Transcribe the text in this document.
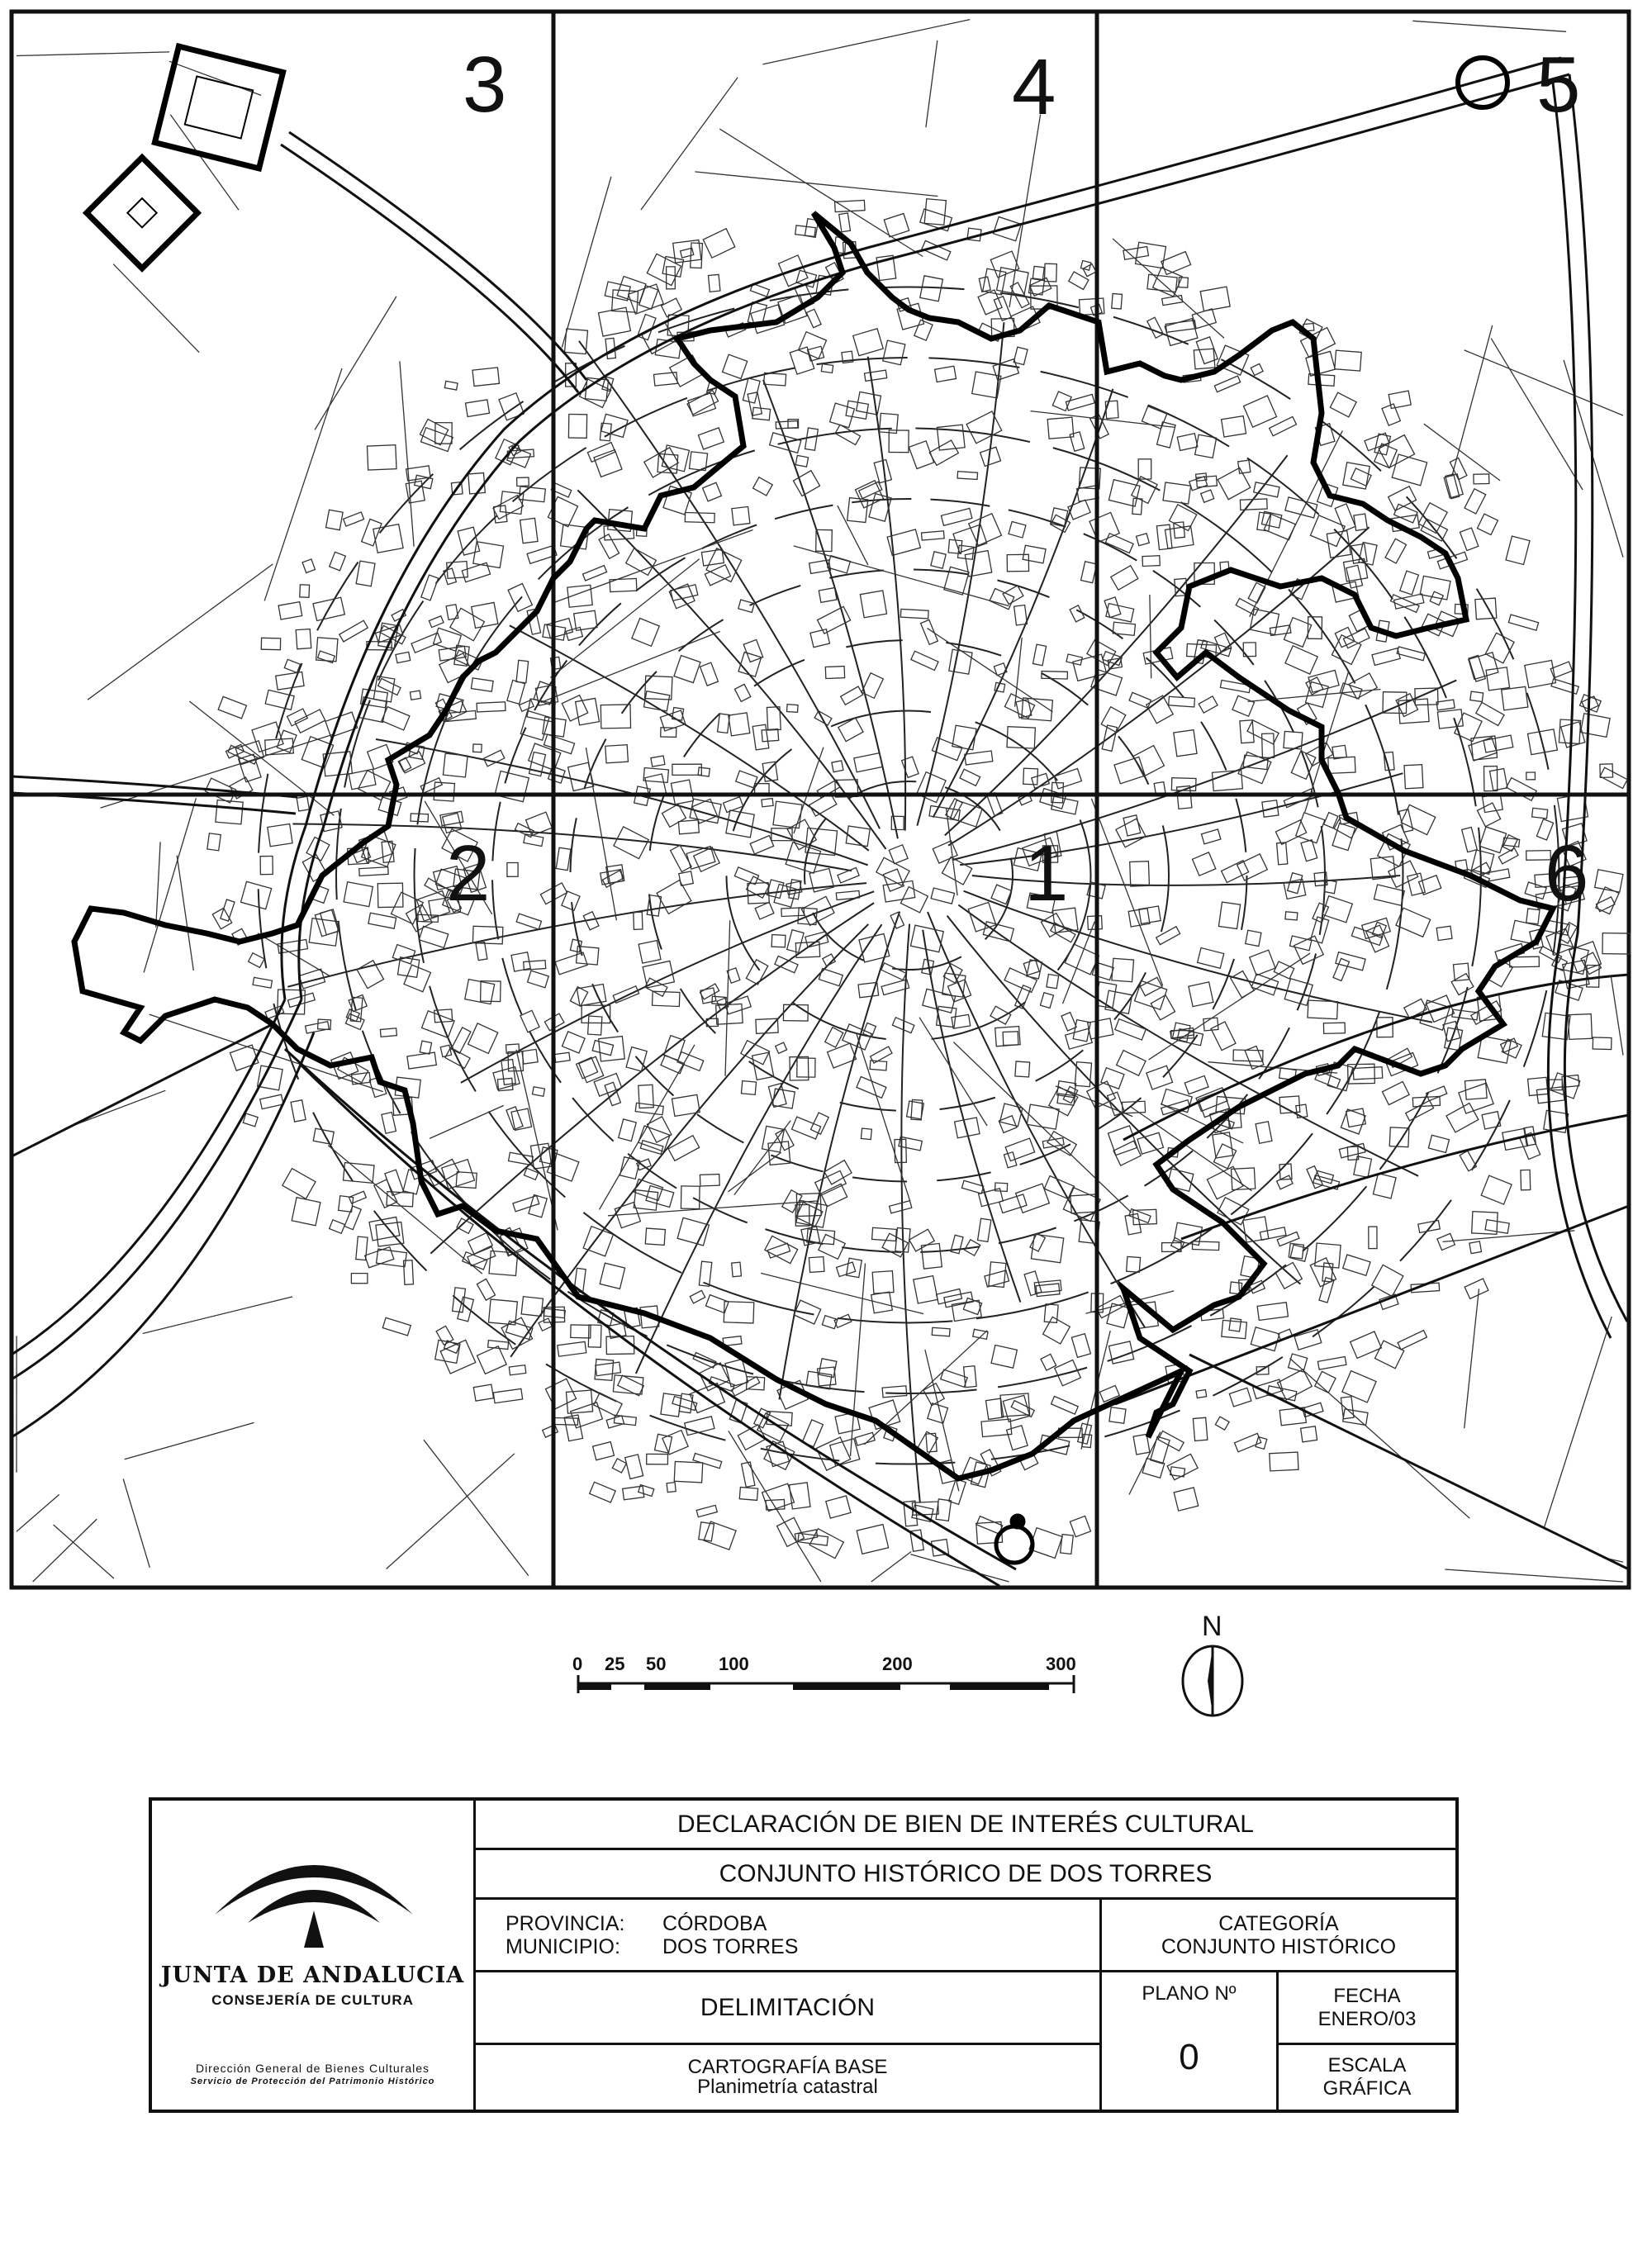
1
2
3	4	5
6
0 25 50	100	200	300
N
JUNTA DE ANDALUCIA
CONSEJERÍA DE CULTURA
Dirección General de Bienes Culturales
Servicio de Protección del Patrimonio Histórico
DECLARACIÓN DE BIEN DE INTERÉS CULTURAL
CONJUNTO HISTÓRICO DE DOS TORRES
PROVINCIA:	CÓRDOBA
MUNICIPIO:	DOS TORRES
CATEGORÍA
CONJUNTO HISTÓRICO
DELIMITACIÓN
CARTOGRAFÍA BASE
Planimetría catastral
PLANO Nº
0
FECHA
ENERO/03
ESCALA
GRÁFICA
